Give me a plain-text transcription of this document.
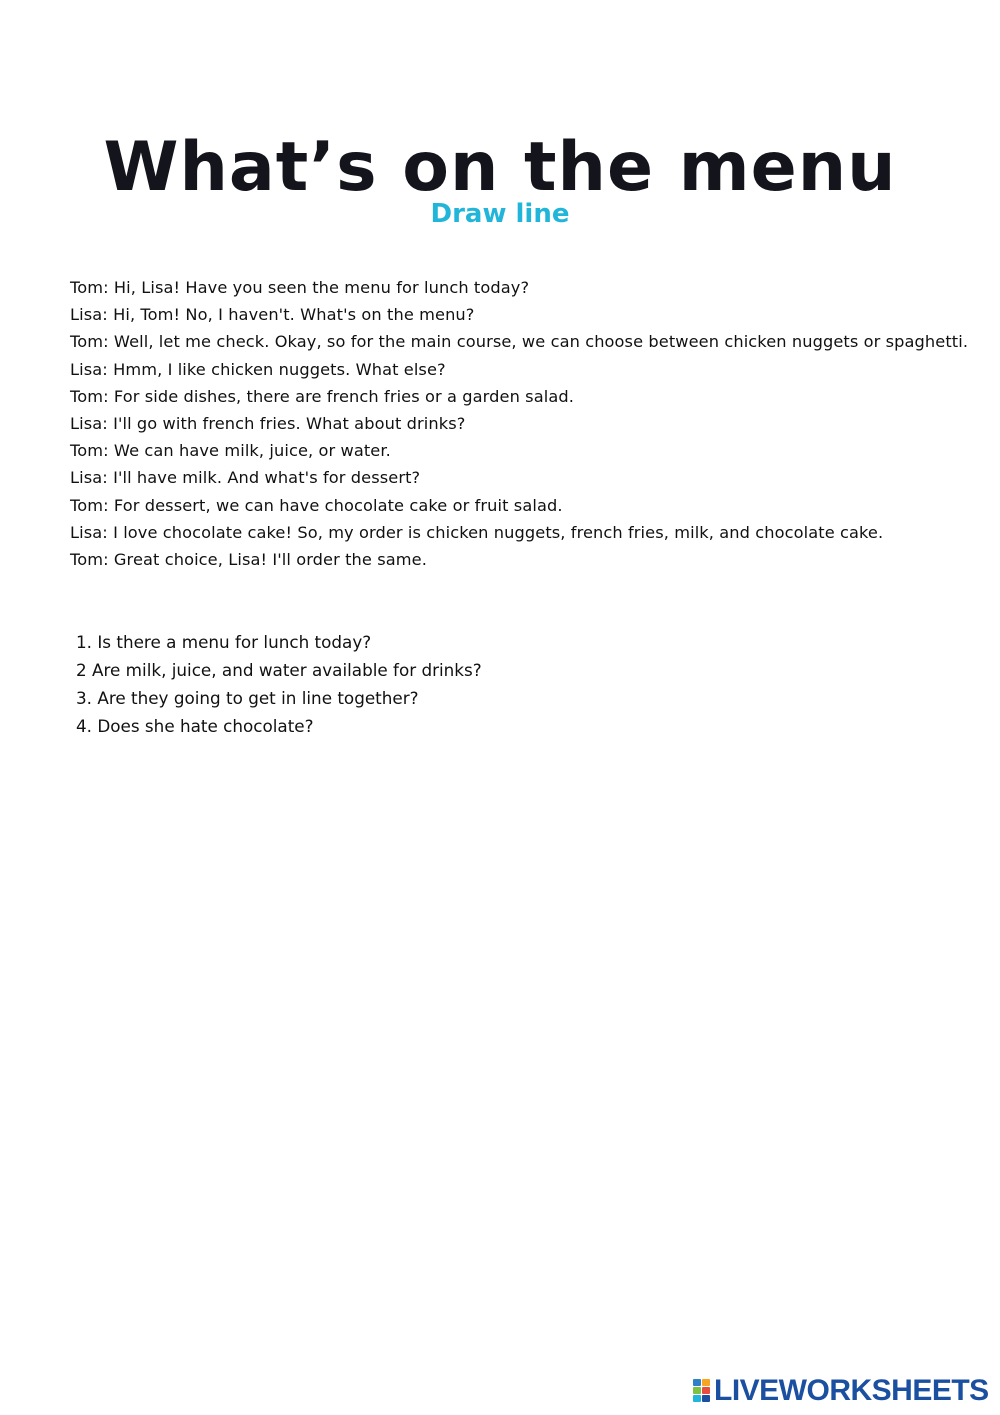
What’s on the menu
Draw line
Tom: Hi, Lisa! Have you seen the menu for lunch today?
Lisa: Hi, Tom! No, I haven't. What's on the menu?
Tom: Well, let me check. Okay, so for the main course, we can choose between chicken nuggets or spaghetti.
Lisa: Hmm, I like chicken nuggets. What else?
Tom: For side dishes, there are french fries or a garden salad.
Lisa: I'll go with french fries. What about drinks?
Tom: We can have milk, juice, or water.
Lisa: I'll have milk. And what's for dessert?
Tom: For dessert, we can have chocolate cake or fruit salad.
Lisa: I love chocolate cake! So, my order is chicken nuggets, french fries, milk, and chocolate cake.
Tom: Great choice, Lisa! I'll order the same.
1. Is there a menu for lunch today?
2 Are milk, juice, and water available for drinks?
3. Are they going to get in line together?
4. Does she hate chocolate?
LIVEWORKSHEETS
